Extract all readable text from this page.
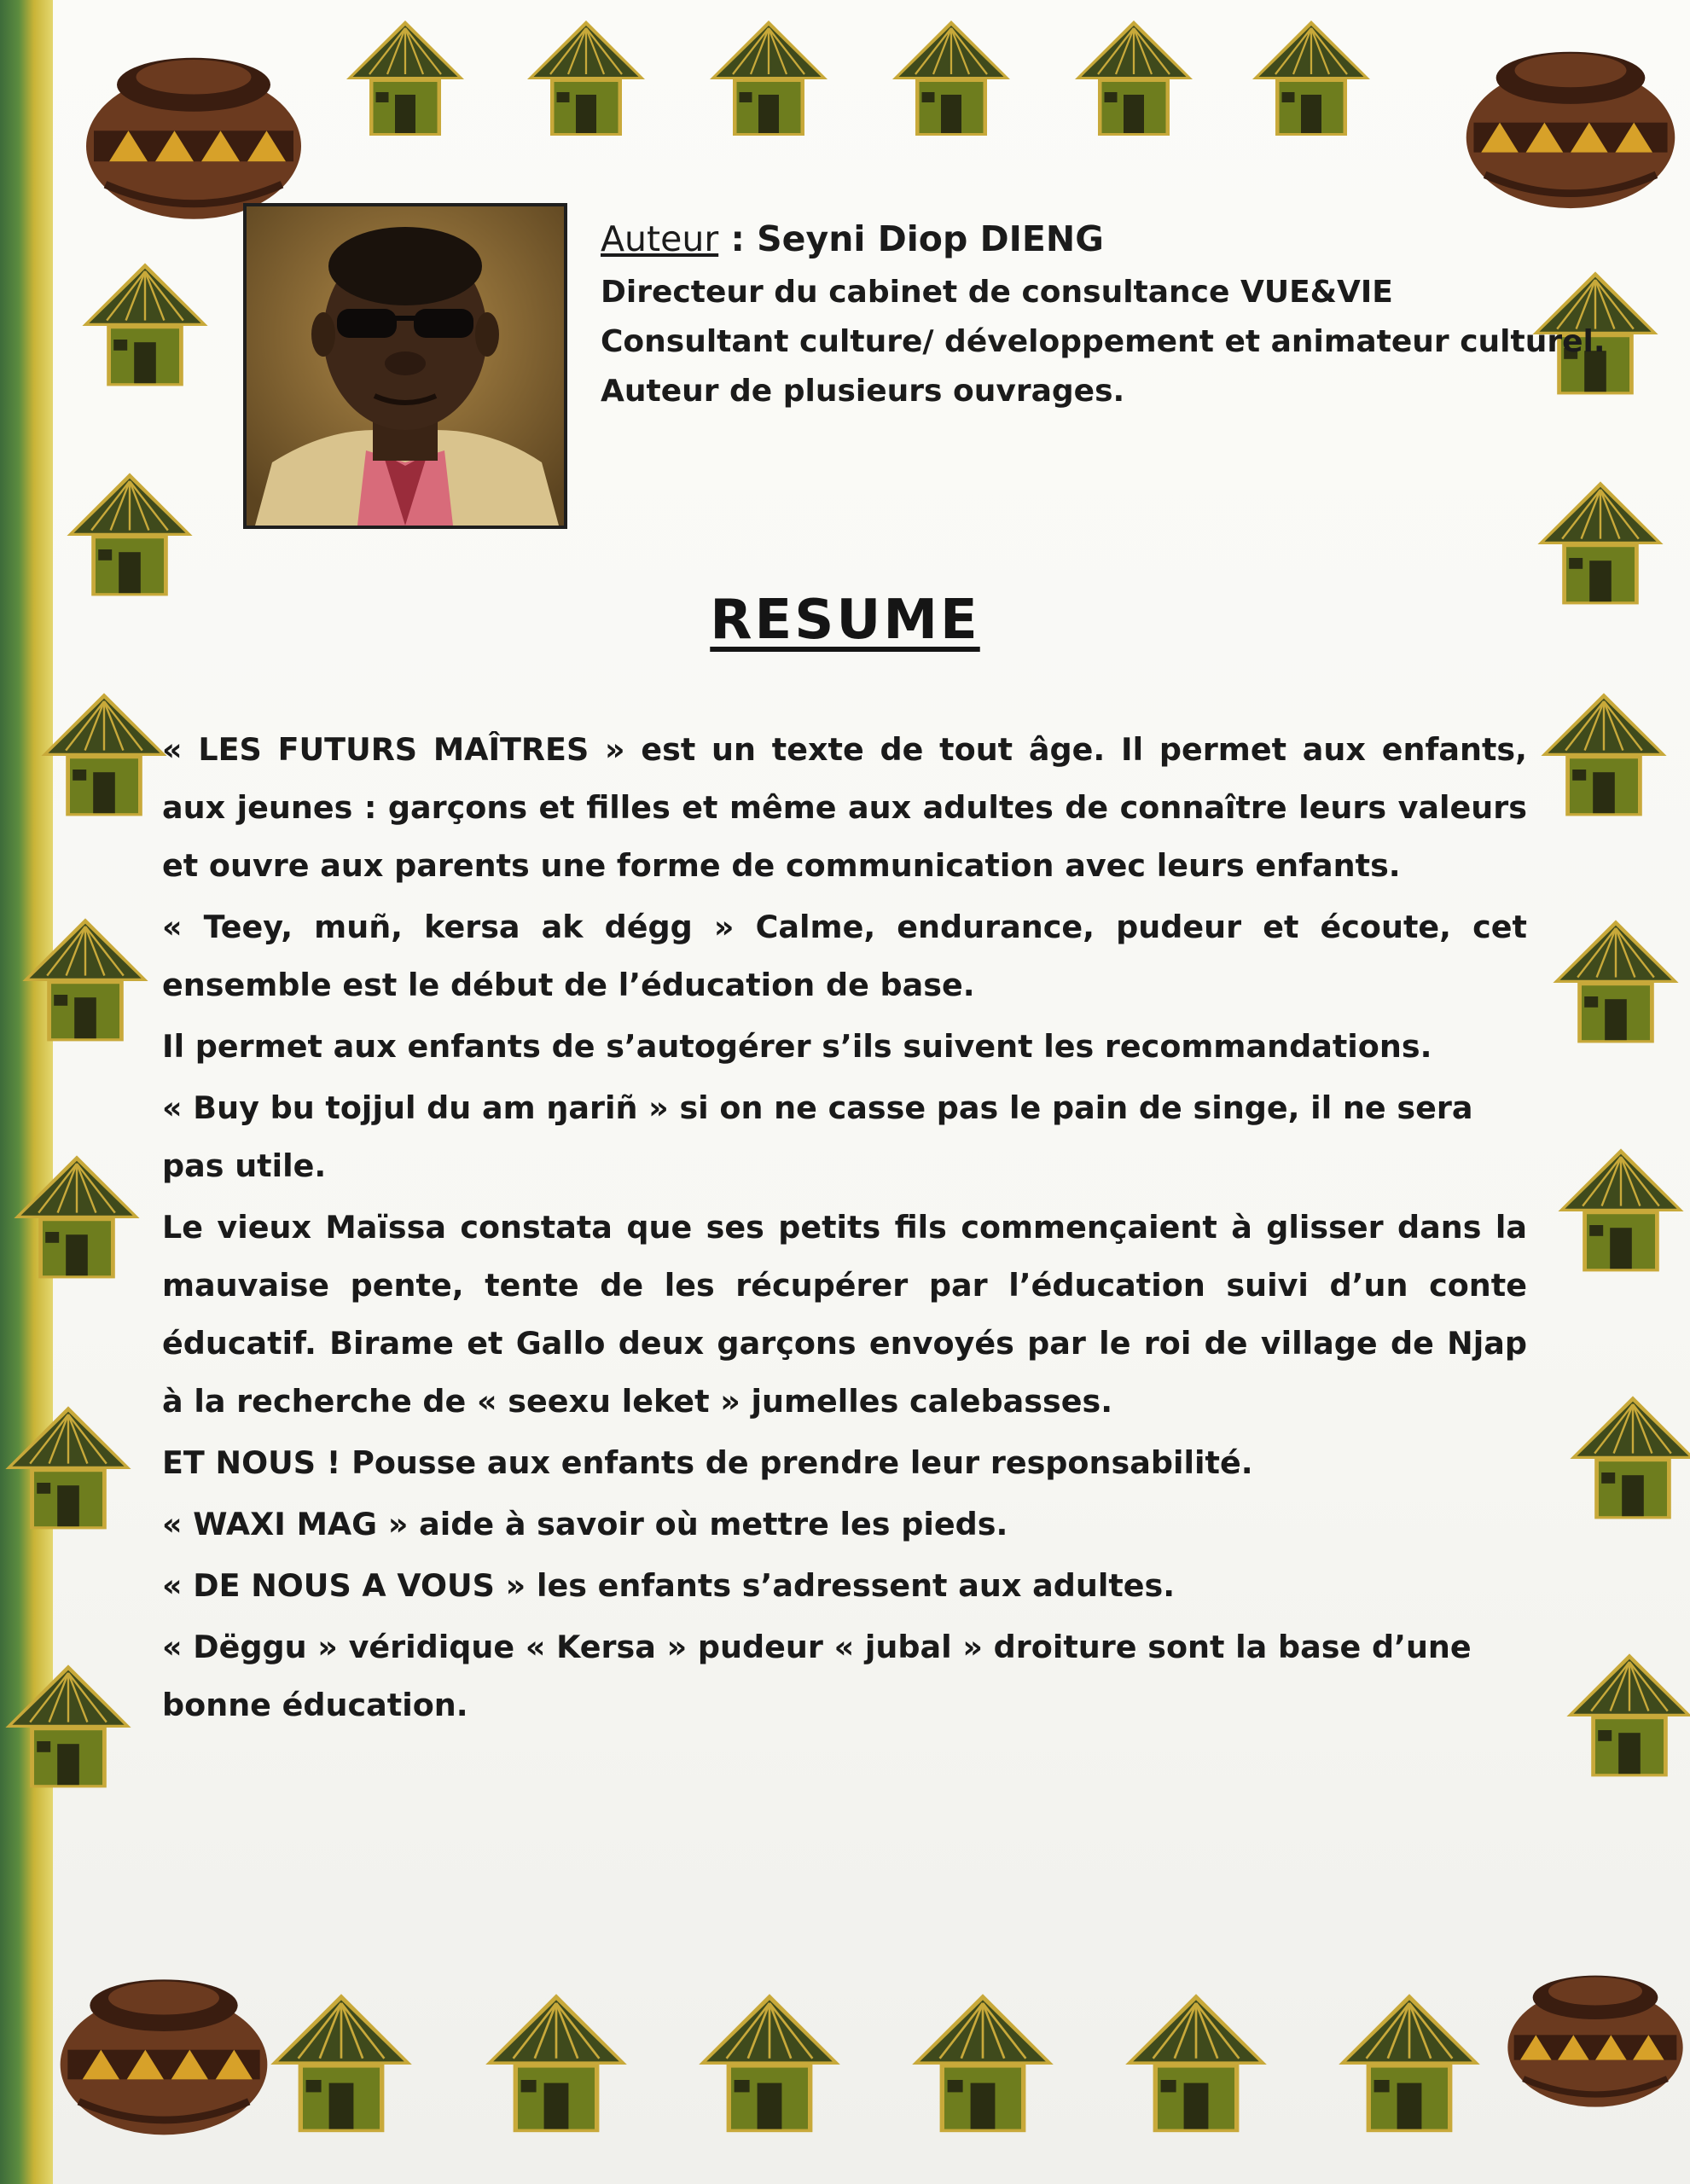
Auteur : Seyni Diop DIENG

Directeur du cabinet de consultance VUE&VIE

Consultant culture/ développement et animateur culturel.

Auteur de plusieurs ouvrages.

RESUME

« LES FUTURS MAÎTRES » est un texte de tout âge. Il permet aux enfants, aux jeunes : garçons et filles et même aux adultes de connaître leurs valeurs et ouvre aux parents une forme de communication avec leurs enfants.

« Teey, muñ, kersa ak dégg » Calme, endurance, pudeur et écoute, cet ensemble est le début de l’éducation de base.

Il permet aux enfants de s’autogérer s’ils suivent les recommandations.

« Buy bu tojjul du am ŋariñ » si on ne casse pas le pain de singe, il ne sera pas utile.

Le vieux Maïssa constata que ses petits fils commençaient à glisser dans la mauvaise pente, tente de les récupérer par l’éducation suivi d’un conte éducatif. Birame et Gallo deux garçons envoyés par le roi de village de Njap à la recherche de « seexu leket » jumelles calebasses.

ET NOUS ! Pousse aux enfants de prendre leur responsabilité.

« WAXI MAG » aide à savoir où mettre les pieds.

« DE NOUS A VOUS » les enfants s’adressent aux adultes.

« Dëggu » véridique « Kersa » pudeur « jubal » droiture sont la base d’une bonne éducation.
